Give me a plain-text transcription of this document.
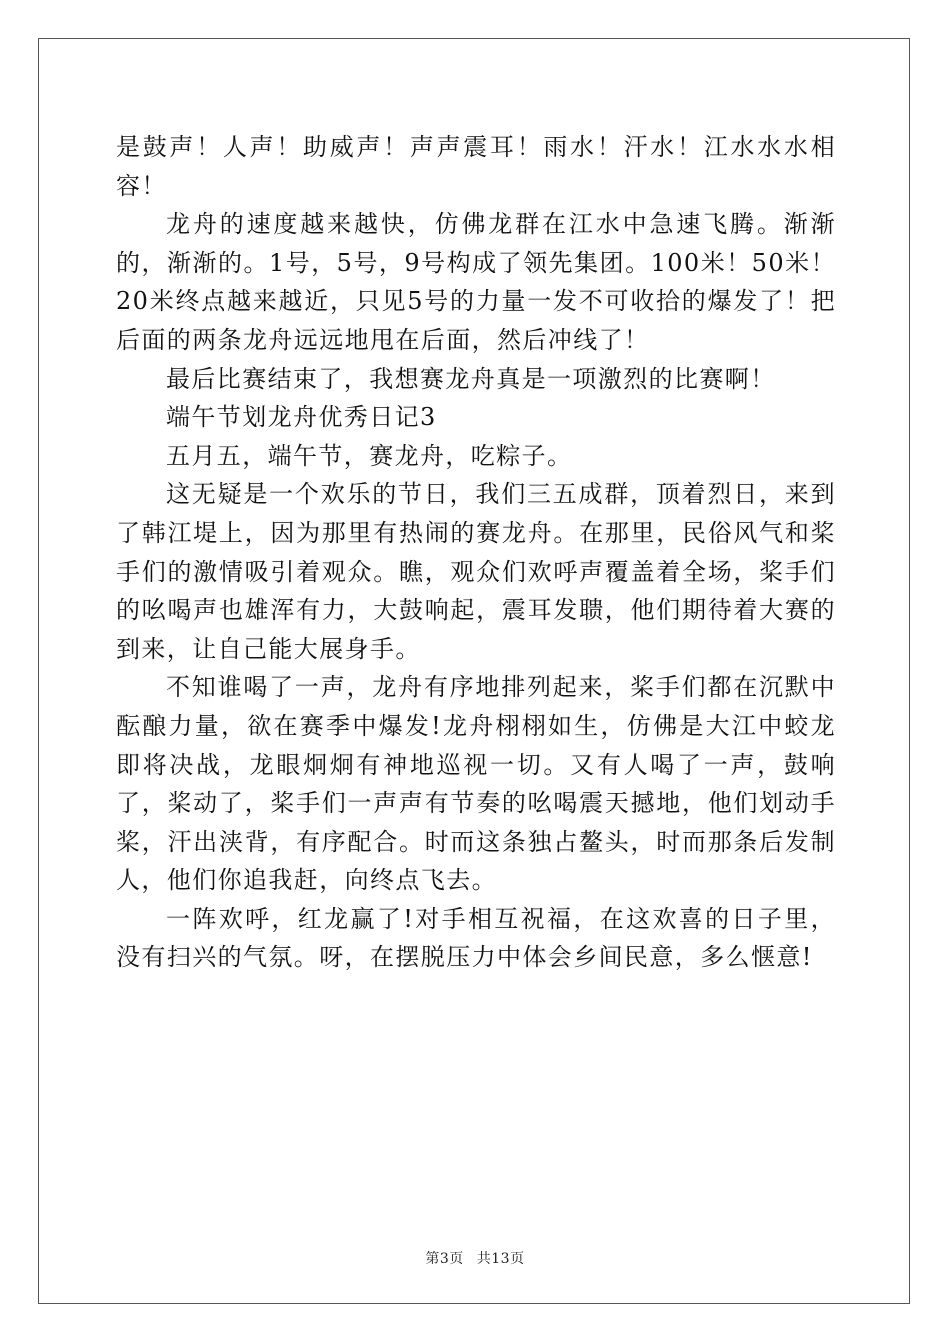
是鼓声！人声！助威声！声声震耳！雨水！汗水！江水水水相容！

龙舟的速度越来越快，仿佛龙群在江水中急速飞腾。渐渐的，渐渐的。1号，5号，9号构成了领先集团。100米！50米！20米终点越来越近，只见5号的力量一发不可收拾的爆发了！把后面的两条龙舟远远地甩在后面，然后冲线了！

最后比赛结束了，我想赛龙舟真是一项激烈的比赛啊！

端午节划龙舟优秀日记3

五月五，端午节，赛龙舟，吃粽子。

这无疑是一个欢乐的节日，我们三五成群，顶着烈日，来到了韩江堤上，因为那里有热闹的赛龙舟。在那里，民俗风气和桨手们的激情吸引着观众。瞧，观众们欢呼声覆盖着全场，桨手们的吆喝声也雄浑有力，大鼓响起，震耳发聩，他们期待着大赛的到来，让自己能大展身手。

不知谁喝了一声，龙舟有序地排列起来，桨手们都在沉默中酝酿力量，欲在赛季中爆发!龙舟栩栩如生，仿佛是大江中蛟龙即将决战，龙眼炯炯有神地巡视一切。又有人喝了一声，鼓响了，桨动了，桨手们一声声有节奏的吆喝震天撼地，他们划动手桨，汗出浃背，有序配合。时而这条独占鳌头，时而那条后发制人，他们你追我赶，向终点飞去。

一阵欢呼，红龙赢了!对手相互祝福，在这欢喜的日子里，没有扫兴的气氛。呀，在摆脱压力中体会乡间民意，多么惬意!

第3页 共13页
